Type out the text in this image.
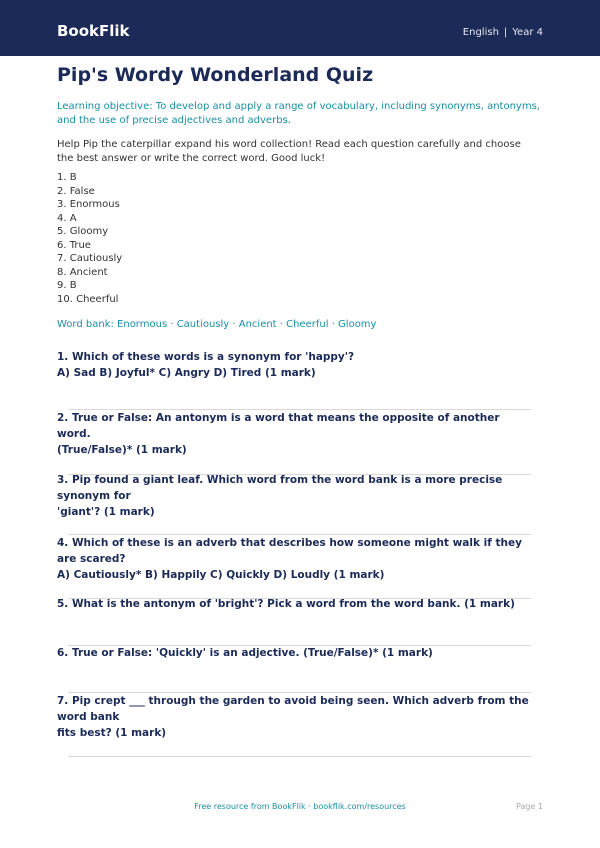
BookFlik	English | Year 4
Pip's Wordy Wonderland Quiz

Learning objective: To develop and apply a range of vocabulary, including synonyms, antonyms, and the use of precise adjectives and adverbs.

Help Pip the caterpillar expand his word collection! Read each question carefully and choose the best answer or write the correct word. Good luck!

1. B
2. False
3. Enormous
4. A
5. Gloomy
6. True
7. Cautiously
8. Ancient
9. B
10. Cheerful

Word bank: Enormous · Cautiously · Ancient · Cheerful · Gloomy

1. Which of these words is a synonym for 'happy'?
A) Sad B) Joyful* C) Angry D) Tired (1 mark)
2. True or False: An antonym is a word that means the opposite of another word.
(True/False)* (1 mark)
3. Pip found a giant leaf. Which word from the word bank is a more precise synonym for
'giant'? (1 mark)
4. Which of these is an adverb that describes how someone might walk if they are scared?
A) Cautiously* B) Happily C) Quickly D) Loudly (1 mark)
5. What is the antonym of 'bright'? Pick a word from the word bank. (1 mark)
6. True or False: 'Quickly' is an adjective. (True/False)* (1 mark)
7. Pip crept ___ through the garden to avoid being seen. Which adverb from the word bank
fits best? (1 mark)
Free resource from BookFlik · bookflik.com/resources	Page 1
